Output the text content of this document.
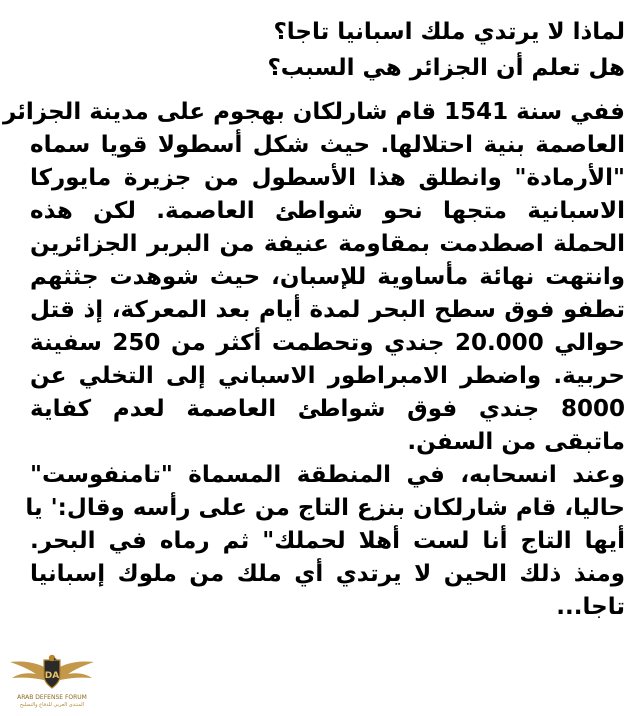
لماذا لا يرتدي ملك اسبانيا تاجا؟
هل تعلم أن الجزائر هي السبب؟
ففي سنة 1541 قام شارلكان بهجوم على مدينة الجزائر
العاصمة بنية احتلالها. حيث شكل أسطولا قويا سماه
"الأرمادة" وانطلق هذا الأسطول من جزيرة مايوركا
الاسبانية متجها نحو شواطئ العاصمة. لكن هذه
الحملة اصطدمت بمقاومة عنيفة من البربر الجزائرين
وانتهت نهائة مأساوية للإسبان، حيث شوهدت جثثهم
تطفو فوق سطح البحر لمدة أيام بعد المعركة، إذ قتل
حوالي 20.000 جندي وتحطمت أكثر من 250 سفينة
حربية. واضطر الامبراطور الاسباني إلى التخلي عن
8000 جندي فوق شواطئ العاصمة لعدم كفاية
ماتبقى من السفن.
وعند انسحابه، في المنطقة المسماة "تامنفوست"
حاليا، قام شارلكان بنزع التاج من على رأسه وقال:' يا
أيها التاج أنا لست أهلا لحملك" ثم رماه في البحر.
ومنذ ذلك الحين لا يرتدي أي ملك من ملوك إسبانيا
تاجا...
DA
ARAB DEFENSE FORUM
المنتدى العربي للدفاع والتسليح
